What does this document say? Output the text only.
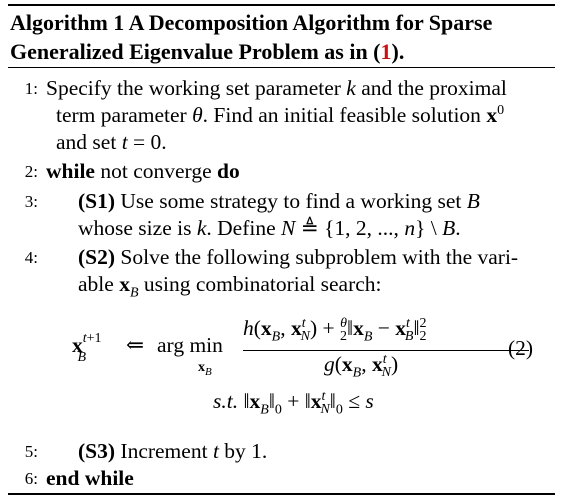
Algorithm 1 A Decomposition Algorithm for Sparse
Generalized Eigenvalue Problem as in (1).
1: Specify the working set parameter k and the proximal
term parameter θ. Find an initial feasible solution $x^0$
and set t = 0.
2: while not converge do
3: (S1) Use some strategy to find a working set B
whose size is k. Define N ≜ {1, 2, ..., n} \ B.
4: (S2) Solve the following subproblem with the vari-
able $x_B$ using combinatorial search:
$x^{t+1}_B$
⇐ arg min
$x_B$
$h(x_B$, $x^t_N) + \theta$
$2‖x_B$ − $x^t_B‖^2_2$
$g(x_B$, $x^t_N$)
(2)
s.t. $‖x_B‖_0$ + $‖x^t_N‖_0 \le s$
5: (S3) Increment t by 1.
6: end while
